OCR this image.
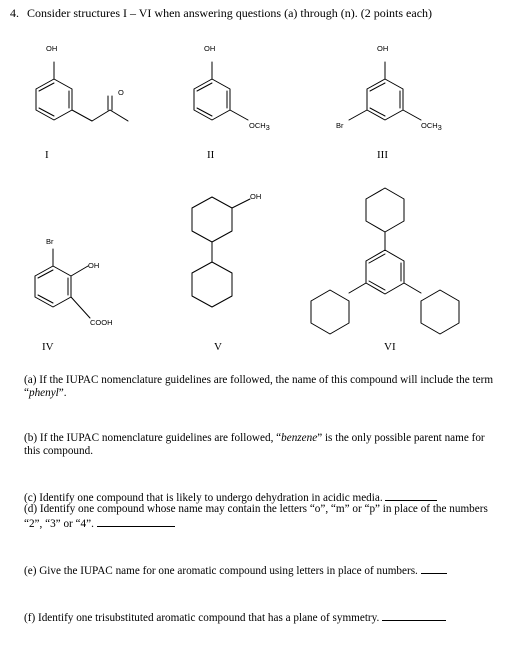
4. Consider structures I – VI when answering questions (a) through (n). (2 points each)
OH
O
OH
OCH3
OH
Br	OCH3
Br
OH
COOH
OH
I	II	III
IV	V	VI
(a) If the IUPAC nomenclature guidelines are followed, the name of this compound will include the term “phenyl”.
(b) If the IUPAC nomenclature guidelines are followed, “benzene” is the only possible parent name for this compound.
(c) Identify one compound that is likely to undergo dehydration in acidic media.
(d) Identify one compound whose name may contain the letters “o”, “m” or “p” in place of the numbers “2”, “3” or “4”.
(e) Give the IUPAC name for one aromatic compound using letters in place of numbers.
(f) Identify one trisubstituted aromatic compound that has a plane of symmetry.
